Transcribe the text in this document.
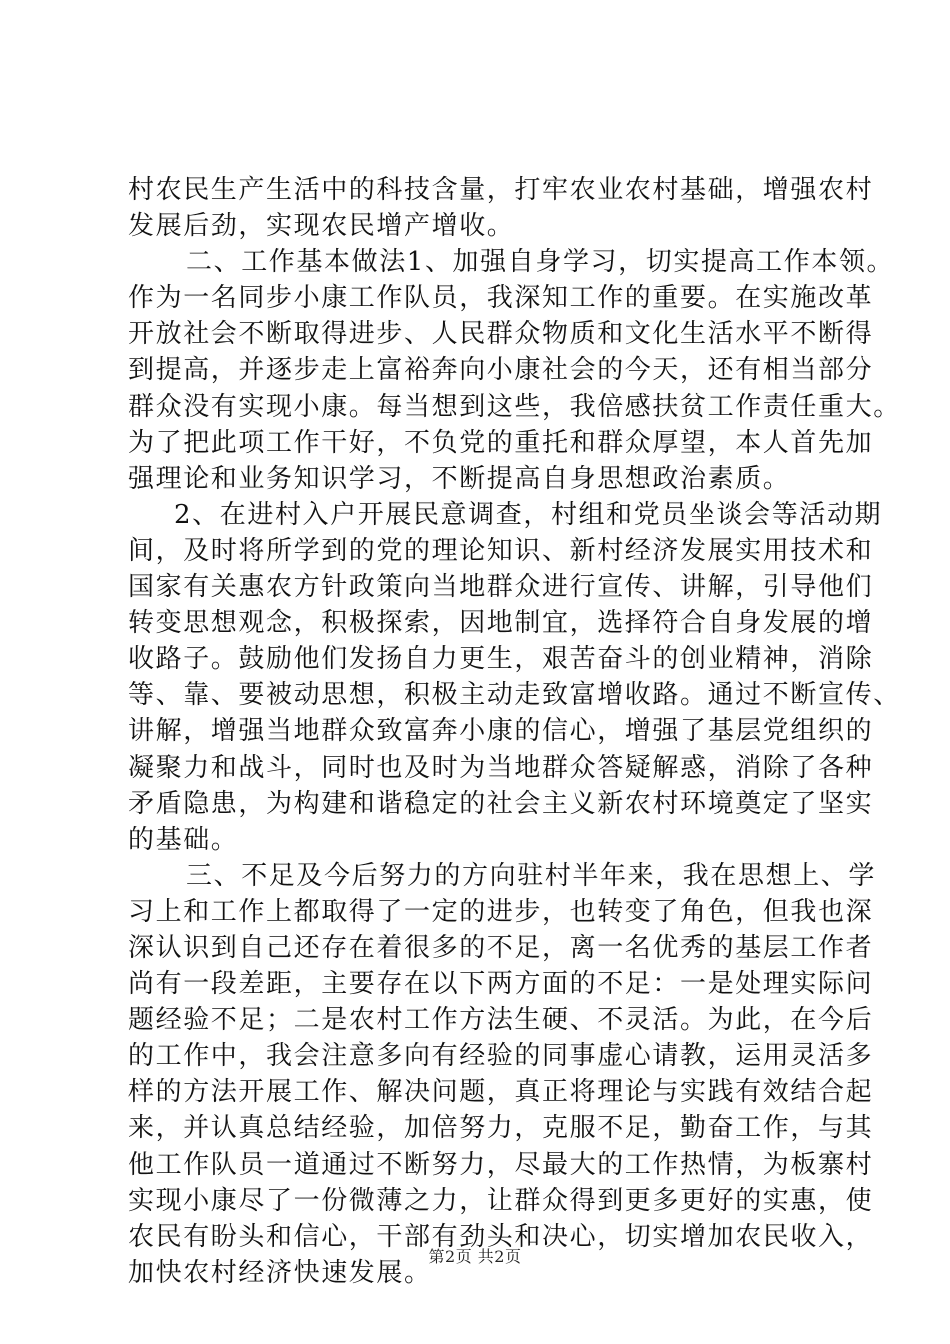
村农民生产生活中的科技含量，打牢农业农村基础，增强农村
发展后劲，实现农民增产增收。
二、工作基本做法1、加强自身学习，切实提高工作本领。
作为一名同步小康工作队员，我深知工作的重要。在实施改革
开放社会不断取得进步、人民群众物质和文化生活水平不断得
到提高，并逐步走上富裕奔向小康社会的今天，还有相当部分
群众没有实现小康。每当想到这些，我倍感扶贫工作责任重大。
为了把此项工作干好，不负党的重托和群众厚望，本人首先加
强理论和业务知识学习，不断提高自身思想政治素质。
2、在进村入户开展民意调查，村组和党员坐谈会等活动期
间，及时将所学到的党的理论知识、新村经济发展实用技术和
国家有关惠农方针政策向当地群众进行宣传、讲解，引导他们
转变思想观念，积极探索，因地制宜，选择符合自身发展的增
收路子。鼓励他们发扬自力更生，艰苦奋斗的创业精神，消除
等、靠、要被动思想，积极主动走致富增收路。通过不断宣传、
讲解，增强当地群众致富奔小康的信心，增强了基层党组织的
凝聚力和战斗，同时也及时为当地群众答疑解惑，消除了各种
矛盾隐患，为构建和谐稳定的社会主义新农村环境奠定了坚实
的基础。
三、不足及今后努力的方向驻村半年来，我在思想上、学
习上和工作上都取得了一定的进步，也转变了角色，但我也深
深认识到自己还存在着很多的不足，离一名优秀的基层工作者
尚有一段差距，主要存在以下两方面的不足：一是处理实际问
题经验不足；二是农村工作方法生硬、不灵活。为此，在今后
的工作中，我会注意多向有经验的同事虚心请教，运用灵活多
样的方法开展工作、解决问题，真正将理论与实践有效结合起
来，并认真总结经验，加倍努力，克服不足，勤奋工作，与其
他工作队员一道通过不断努力，尽最大的工作热情，为板寨村
实现小康尽了一份微薄之力，让群众得到更多更好的实惠，使
农民有盼头和信心，干部有劲头和决心，切实增加农民收入，
加快农村经济快速发展。
第2页 共2页
